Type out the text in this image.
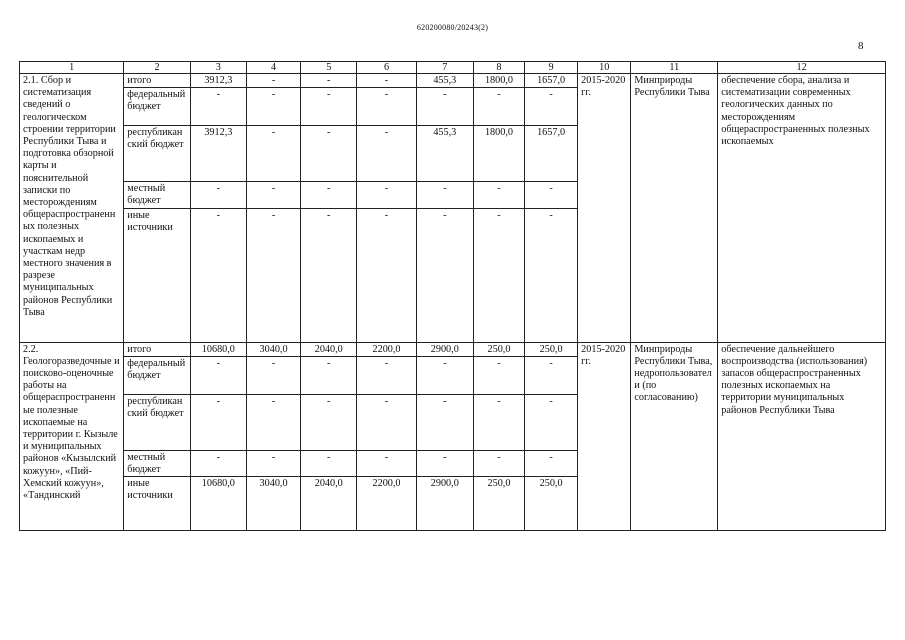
620200080/20243(2)
8
1	2	3	4	5	6	7	8	9	10	11	12
2.1. Сбор и систематизация сведений о геологическом строении территории Республики Тыва и подготовка обзорной карты и пояснительной записки по месторождениям общераспространенных полезных ископаемых и участкам недр местного значения в разрезе муниципальных районов Республики Тыва	итого	3912,3	-	-	-	455,3	1800,0	1657,0	2015-2020 гг.	Минприроды Республики Тыва	обеспечение сбора, анализа и систематизации современных геологических данных по месторождениям общераспространенных полезных ископаемых
	федеральный бюджет	-	-	-	-	-	-	-			
	республиканский бюджет	3912,3	-	-	-	455,3	1800,0	1657,0			
	местный бюджет	-	-	-	-	-	-	-			
	иные источники	-	-	-	-	-	-	-			
2.2. Геологоразведочные и поисково-оценочные работы на общераспространенные полезные ископаемые на территории г. Кызыле и муниципальных районов «Кызылский кожуун», «Пий-Хемский кожуун», «Тандинский	итого	10680,0	3040,0	2040,0	2200,0	2900,0	250,0	250,0	2015-2020 гг.	Минприроды Республики Тыва, недропользователи (по согласованию)	обеспечение дальнейшего воспроизводства (использования) запасов общераспространенных полезных ископаемых на территории муниципальных районов Республики Тыва
	федеральный бюджет	-	-	-	-	-	-	-			
	республиканский бюджет	-	-	-	-	-	-	-			
	местный бюджет	-	-	-	-	-	-	-			
	иные источники	10680,0	3040,0	2040,0	2200,0	2900,0	250,0	250,0			
